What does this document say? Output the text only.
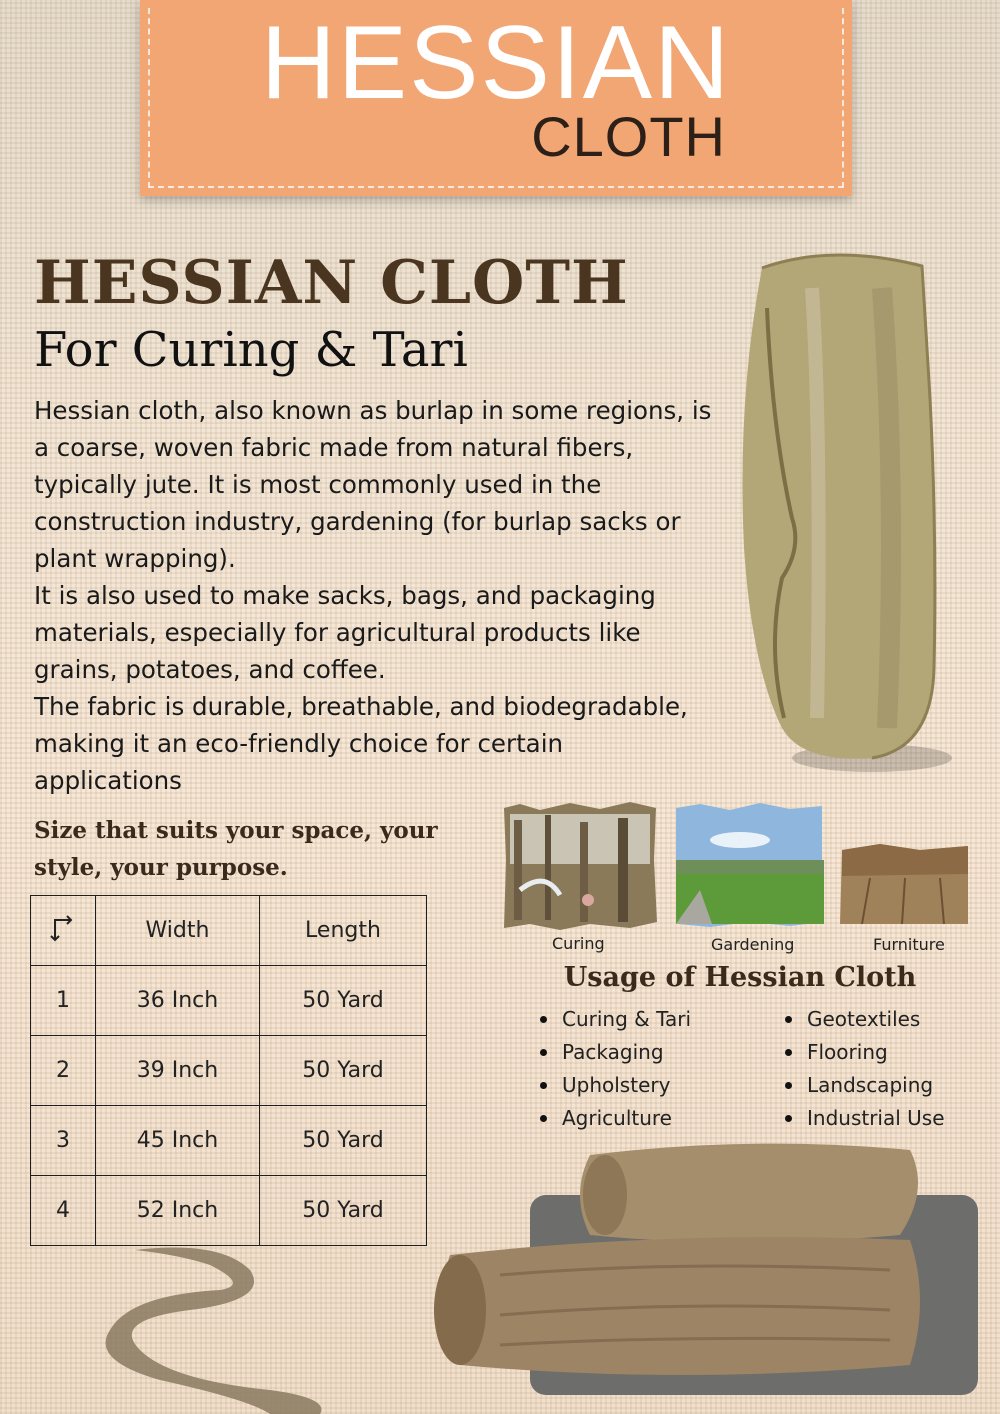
HESSIAN
CLOTH
HESSIAN CLOTH
For Curing & Tari

Hessian cloth, also known as burlap in some regions, is a coarse, woven fabric made from natural fibers, typically jute. It is most commonly used in the construction industry, gardening (for burlap sacks or plant wrapping).

It is also used to make sacks, bags, and packaging materials, especially for agricultural products like grains, potatoes, and coffee.

The fabric is durable, breathable, and biodegradable, making it an eco-friendly choice for certain applications

Size that suits your space, your style, your purpose.
	Width	Length
1	36 Inch	50 Yard
2	39 Inch	50 Yard
3	45 Inch	50 Yard
4	52 Inch	50 Yard
Curing	Gardening	Furniture
Usage of Hessian Cloth
Curing & Tari
Packaging
Upholstery
Agriculture
Geotextiles
Flooring
Landscaping
Industrial Use
